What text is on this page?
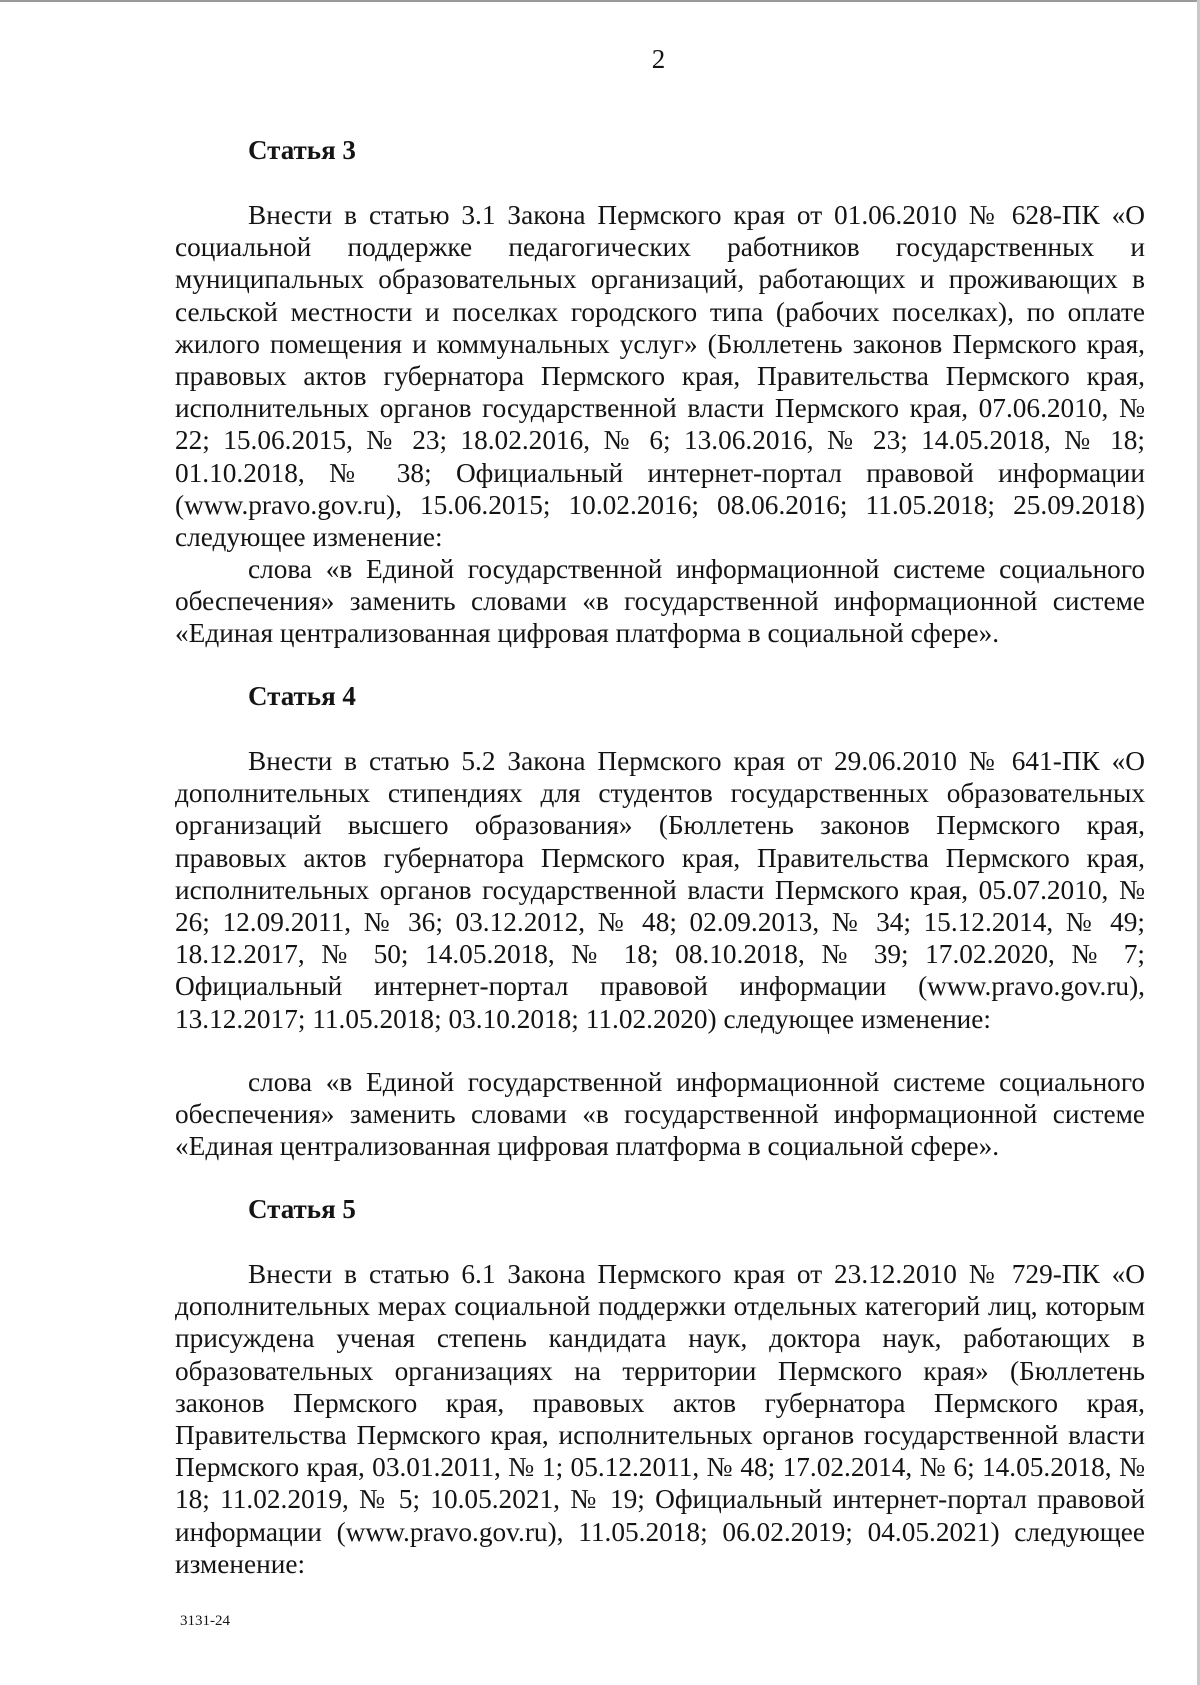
2
Статья 3

Внести в статью 3.1 Закона Пермского края от 01.06.2010 № 628-ПК «О социальной поддержке педагогических работников государственных и муниципальных образовательных организаций, работающих и проживающих в сельской местности и поселках городского типа (рабочих поселках), по оплате жилого помещения и коммунальных услуг» (Бюллетень законов Пермского края, правовых актов губернатора Пермского края, Правительства Пермского края, исполнительных органов государственной власти Пермского края, 07.06.2010, № 22; 15.06.2015, № 23; 18.02.2016, № 6; 13.06.2016, № 23; 14.05.2018, № 18; 01.10.2018, № 38; Официальный интернет-портал правовой информации (www.pravo.gov.ru), 15.06.2015; 10.02.2016; 08.06.2016; 11.05.2018; 25.09.2018) следующее изменение:

слова «в Единой государственной информационной системе социального обеспечения» заменить словами «в государственной информационной системе «Единая централизованная цифровая платформа в социальной сфере».

Статья 4

Внести в статью 5.2 Закона Пермского края от 29.06.2010 № 641-ПК «О дополнительных стипендиях для студентов государственных образовательных организаций высшего образования» (Бюллетень законов Пермского края, правовых актов губернатора Пермского края, Правительства Пермского края, исполнительных органов государственной власти Пермского края, 05.07.2010, № 26; 12.09.2011, № 36; 03.12.2012, № 48; 02.09.2013, № 34; 15.12.2014, № 49; 18.12.2017, № 50; 14.05.2018, № 18; 08.10.2018, № 39; 17.02.2020, № 7; Официальный интернет-портал правовой информации (www.pravo.gov.ru), 13.12.2017; 11.05.2018; 03.10.2018; 11.02.2020) следующее изменение:

слова «в Единой государственной информационной системе социального обеспечения» заменить словами «в государственной информационной системе «Единая централизованная цифровая платформа в социальной сфере».

Статья 5

Внести в статью 6.1 Закона Пермского края от 23.12.2010 № 729-ПК «О дополнительных мерах социальной поддержки отдельных категорий лиц, которым присуждена ученая степень кандидата наук, доктора наук, работающих в образовательных организациях на территории Пермского края» (Бюллетень законов Пермского края, правовых актов губернатора Пермского края, Правительства Пермского края, исполнительных органов государственной власти Пермского края, 03.01.2011, № 1; 05.12.2011, № 48; 17.02.2014, № 6; 14.05.2018, № 18; 11.02.2019, № 5; 10.05.2021, № 19; Официальный интернет-портал правовой информации (www.pravo.gov.ru), 11.05.2018; 06.02.2019; 04.05.2021) следующее изменение:

3131-24
